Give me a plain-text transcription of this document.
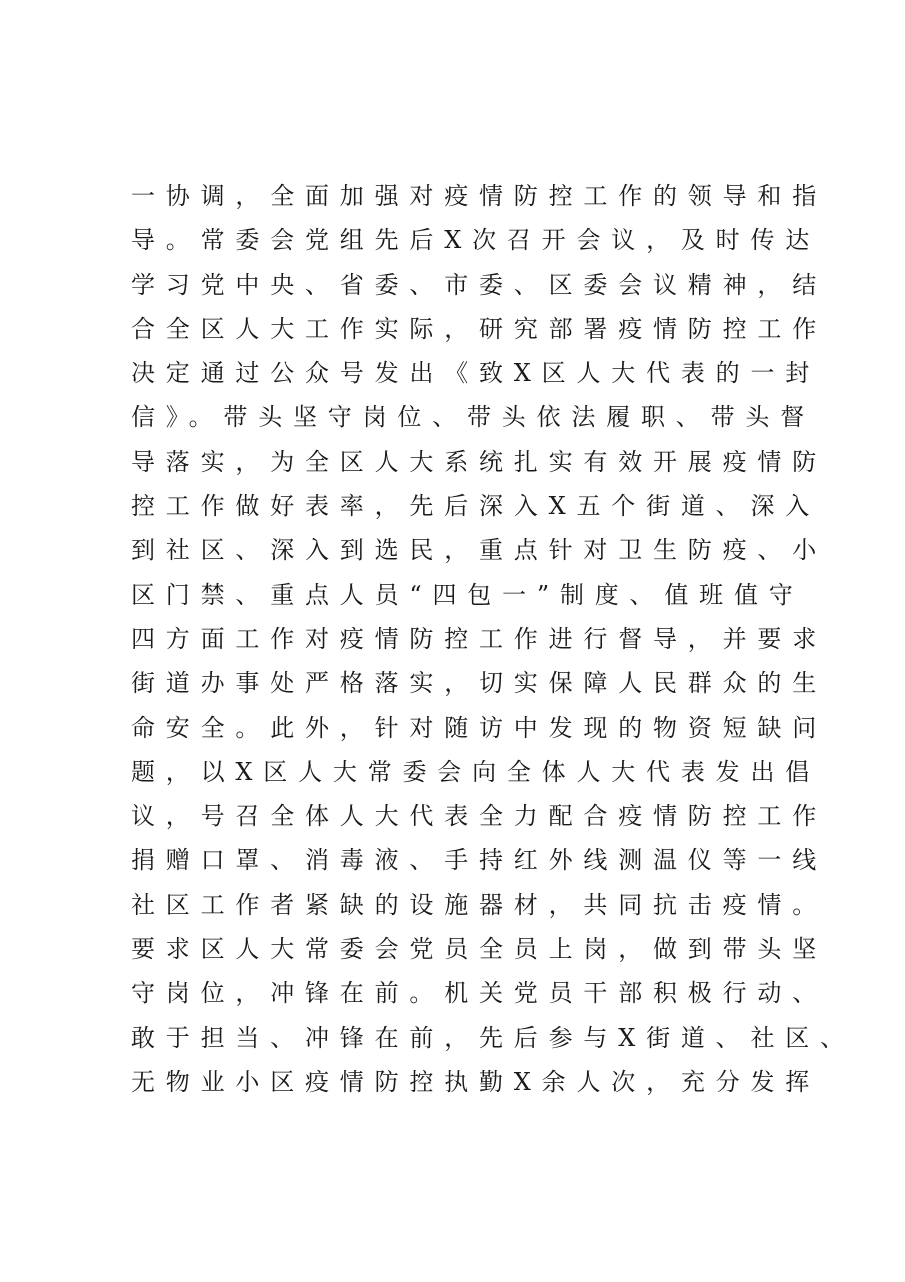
一协调，全面加强对疫情防控工作的领导和指
导。常委会党组先后X次召开会议，及时传达
学习党中央、省委、市委、区委会议精神，结
合全区人大工作实际，研究部署疫情防控工作
决定通过公众号发出《致X区人大代表的一封
信》。带头坚守岗位、带头依法履职、带头督
导落实，为全区人大系统扎实有效开展疫情防
控工作做好表率，先后深入X五个街道、深入
到社区、深入到选民，重点针对卫生防疫、小
区门禁、重点人员“四包一”制度、值班值守
四方面工作对疫情防控工作进行督导，并要求
街道办事处严格落实，切实保障人民群众的生
命安全。此外，针对随访中发现的物资短缺问
题，以X区人大常委会向全体人大代表发出倡
议，号召全体人大代表全力配合疫情防控工作
捐赠口罩、消毒液、手持红外线测温仪等一线
社区工作者紧缺的设施器材，共同抗击疫情。
要求区人大常委会党员全员上岗，做到带头坚
守岗位，冲锋在前。机关党员干部积极行动、
敢于担当、冲锋在前，先后参与X街道、社区、
无物业小区疫情防控执勤X余人次，充分发挥
